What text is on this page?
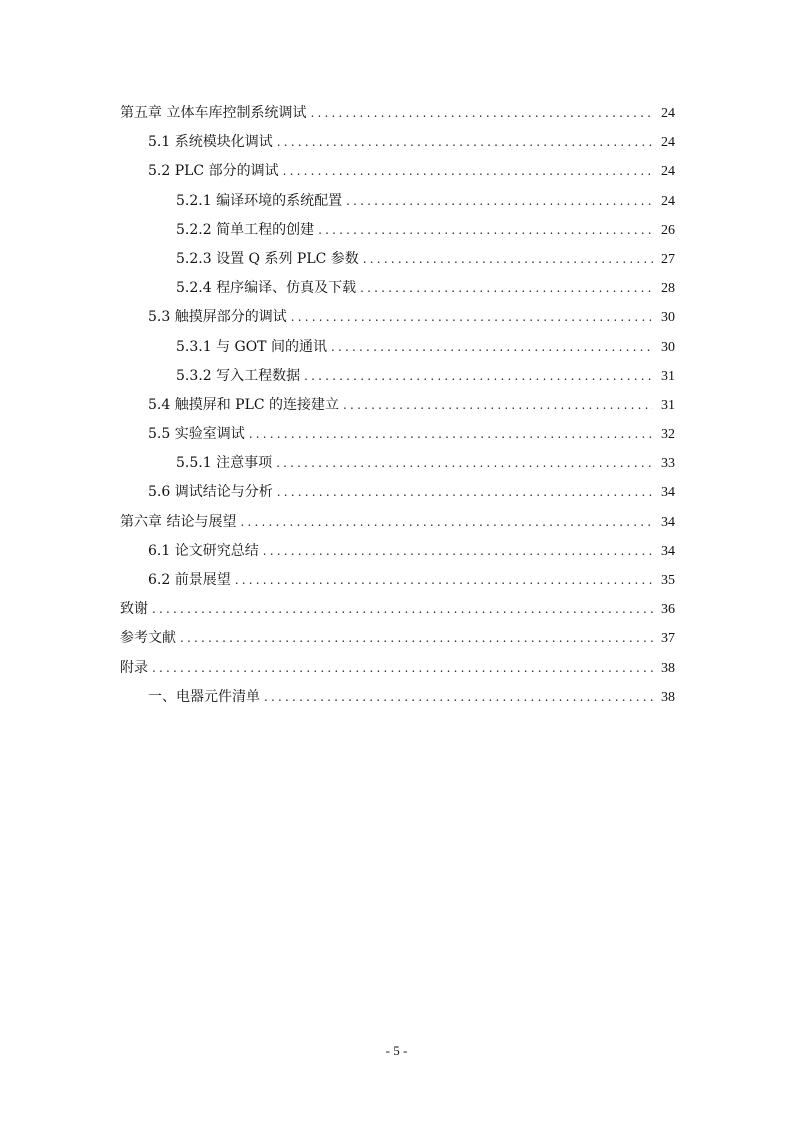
第五章 立体车库控制系统调试 .....	24
5.1 系统模块化调试 .....	24
5.2 PLC 部分的调试 .....	24
5.2.1 编译环境的系统配置 .....	24
5.2.2 简单工程的创建 .....	26
5.2.3 设置 Q 系列 PLC 参数 .....	27
5.2.4 程序编译、仿真及下载 .....	28
5.3 触摸屏部分的调试 .....	30
5.3.1 与 GOT 间的通讯 .....	30
5.3.2 写入工程数据 .....	31
5.4 触摸屏和 PLC 的连接建立 .....	31
5.5 实验室调试 .....	32
5.5.1 注意事项 .....	33
5.6 调试结论与分析 .....	34
第六章 结论与展望 .....	34
6.1 论文研究总结 .....	34
6.2 前景展望 .....	35
致谢 .....	36
参考文献 .....	37
附录 .....	38
一、电器元件清单 .....	38
- 5 -
